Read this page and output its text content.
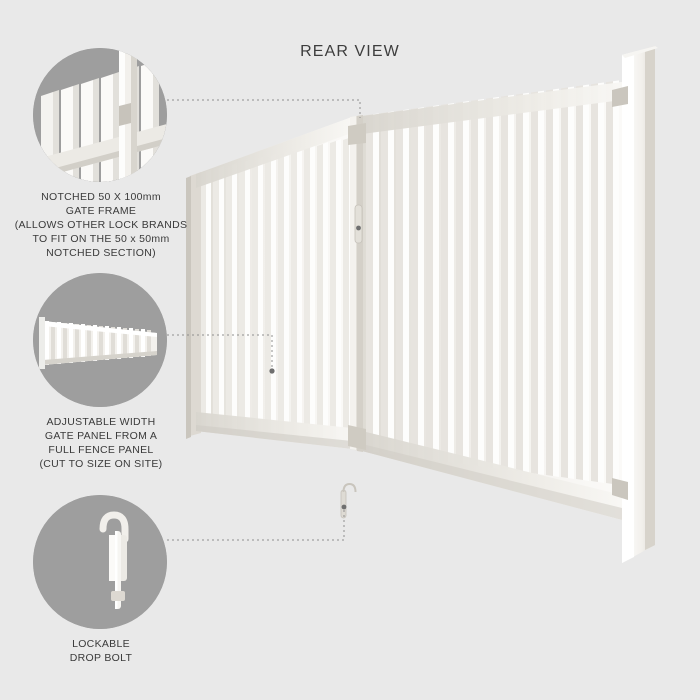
REAR VIEW
NOTCHED 50 X 100mm
GATE FRAME
(ALLOWS OTHER LOCK BRANDS
TO FIT ON THE 50 x 50mm
NOTCHED SECTION)
ADJUSTABLE WIDTH
GATE PANEL FROM A
FULL FENCE PANEL
(CUT TO SIZE ON SITE)
LOCKABLE
DROP BOLT
